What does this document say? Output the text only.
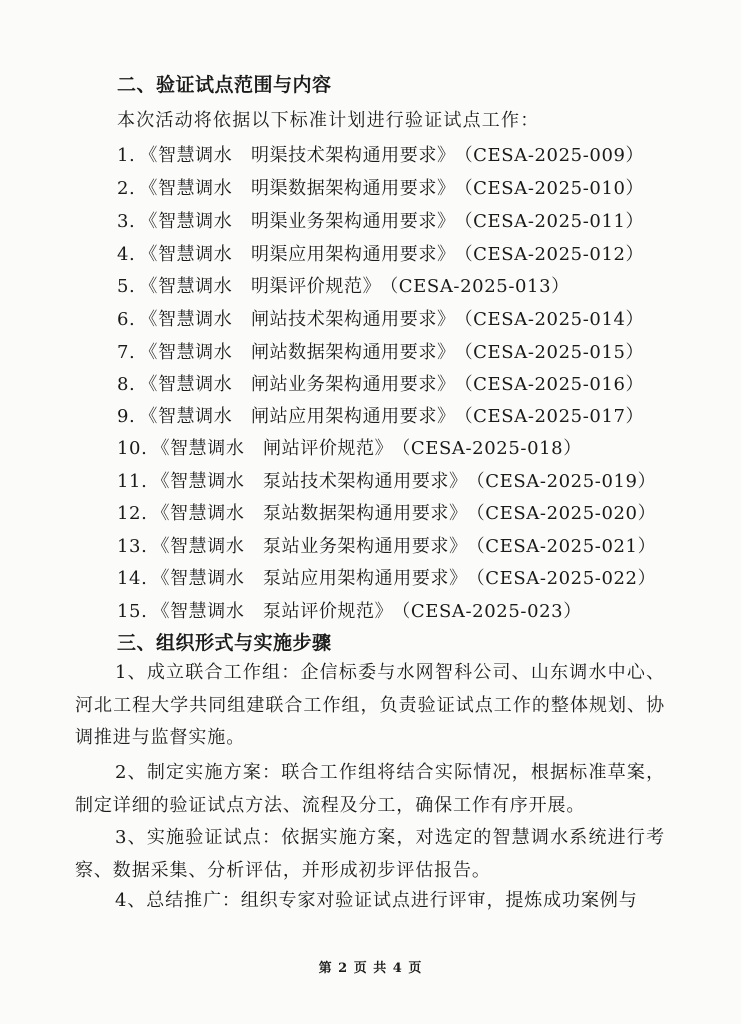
二、验证试点范围与内容
本次活动将依据以下标准计划进行验证试点工作：
1. 《智慧调水　明渠技术架构通用要求》 （CESA-2025-009）
2. 《智慧调水　明渠数据架构通用要求》 （CESA-2025-010）
3. 《智慧调水　明渠业务架构通用要求》 （CESA-2025-011）
4. 《智慧调水　明渠应用架构通用要求》 （CESA-2025-012）
5. 《智慧调水　明渠评价规范》 （CESA-2025-013）
6. 《智慧调水　闸站技术架构通用要求》 （CESA-2025-014）
7. 《智慧调水　闸站数据架构通用要求》 （CESA-2025-015）
8. 《智慧调水　闸站业务架构通用要求》 （CESA-2025-016）
9. 《智慧调水　闸站应用架构通用要求》 （CESA-2025-017）
10. 《智慧调水　闸站评价规范》 （CESA-2025-018）
11. 《智慧调水　泵站技术架构通用要求》 （CESA-2025-019）
12. 《智慧调水　泵站数据架构通用要求》 （CESA-2025-020）
13. 《智慧调水　泵站业务架构通用要求》 （CESA-2025-021）
14. 《智慧调水　泵站应用架构通用要求》 （CESA-2025-022）
15. 《智慧调水　泵站评价规范》 （CESA-2025-023）
三、组织形式与实施步骤
1、成立联合工作组：企信标委与水网智科公司、山东调水中心、河北工程大学共同组建联合工作组，负责验证试点工作的整体规划、协调推进与监督实施。
2、制定实施方案：联合工作组将结合实际情况，根据标准草案，制定详细的验证试点方法、流程及分工，确保工作有序开展。
3、实施验证试点：依据实施方案，对选定的智慧调水系统进行考察、数据采集、分析评估，并形成初步评估报告。
4、总结推广：组织专家对验证试点进行评审，提炼成功案例与
第 2 页 共 4 页
